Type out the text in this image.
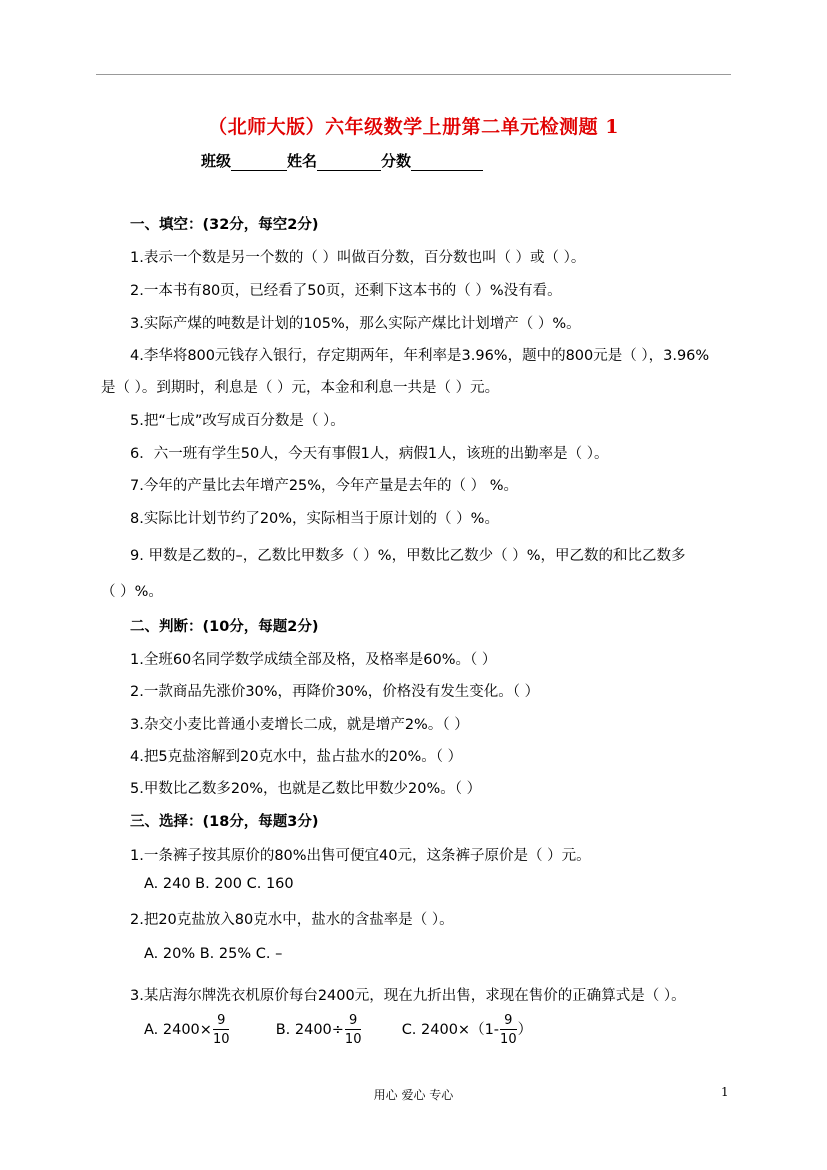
（北师大版）六年级数学上册第二单元检测题 1
班级	姓名	分数
一、填空：(32分，每空2分)
1.表示一个数是另一个数的（ ）叫做百分数，百分数也叫（ ）或（ ）。
2.一本书有80页，已经看了50页，还剩下这本书的（ ）%没有看。
3.实际产煤的吨数是计划的105%，那么实际产煤比计划增产（ ）%。
4.李华将800元钱存入银行，存定期两年，年利率是3.96%，题中的800元是（ ），3.96%
是（ ）。到期时，利息是（ ）元，本金和利息一共是（ ）元。
5.把“七成”改写成百分数是（ ）。
6．六一班有学生50人，今天有事假1人，病假1人，该班的出勤率是（ ）。
7.今年的产量比去年增产25%，今年产量是去年的（ ） %。
8.实际比计划节约了20%，实际相当于原计划的（ ）%。
9. 甲数是乙数的–，乙数比甲数多（ ）%，甲数比乙数少（ ）%，甲乙数的和比乙数多
（ ）%。
二、判断：(10分，每题2分)
1.全班60名同学数学成绩全部及格，及格率是60%。（ ）
2.一款商品先涨价30%，再降价30%，价格没有发生变化。（ ）
3.杂交小麦比普通小麦增长二成，就是增产2%。（ ）
4.把5克盐溶解到20克水中，盐占盐水的20%。（ ）
5.甲数比乙数多20%，也就是乙数比甲数少20%。（ ）
三、选择：(18分，每题3分)
1.一条裤子按其原价的80%出售可便宜40元，这条裤子原价是（ ）元。
A. 240 B. 200 C. 160
2.把20克盐放入80克水中，盐水的含盐率是（ ）。
A. 20% B. 25% C. –
3.某店海尔牌洗衣机原价每台2400元，现在九折出售，求现在售价的正确算式是（ ）。
A. $2400\times \frac{9}{10}$	B. $2400\div \frac{9}{10}$	C. $2400\times(1- \frac{9}{10}$ ）
用心 爱心 专心	1
